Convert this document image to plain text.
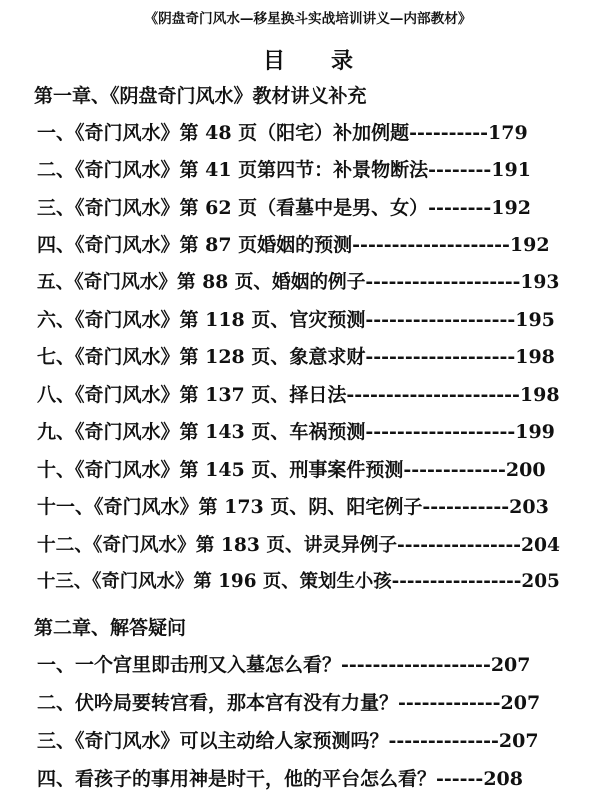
《阴盘奇门风水—移星换斗实战培训讲义—内部教材》
目      录
第一章、《阴盘奇门风水》教材讲义补充
一、《奇门风水》第 48 页（阳宅）补加例题----------179
二、《奇门风水》第 41 页第四节：补景物断法--------191
三、《奇门风水》第 62 页（看墓中是男、女）--------192
四、《奇门风水》第 87 页婚姻的预测--------------------192
五、《奇门风水》第 88 页、婚姻的例子--------------------193
六、《奇门风水》第 118 页、官灾预测-------------------195
七、《奇门风水》第 128 页、象意求财-------------------198
八、《奇门风水》第 137 页、择日法----------------------198
九、《奇门风水》第 143 页、车祸预测-------------------199
十、《奇门风水》第 145 页、刑事案件预测-------------200
十一、《奇门风水》第 173 页、阴、阳宅例子-----------203
十二、《奇门风水》第 183 页、讲灵异例子----------------204
十三、《奇门风水》第 196 页、策划生小孩-----------------205
第二章、解答疑问
一、一个宫里即击刑又入墓怎么看？-------------------207
二、伏吟局要转宫看，那本宫有没有力量？-------------207
三、《奇门风水》可以主动给人家预测吗？--------------207
四、看孩子的事用神是时干，他的平台怎么看？------208
